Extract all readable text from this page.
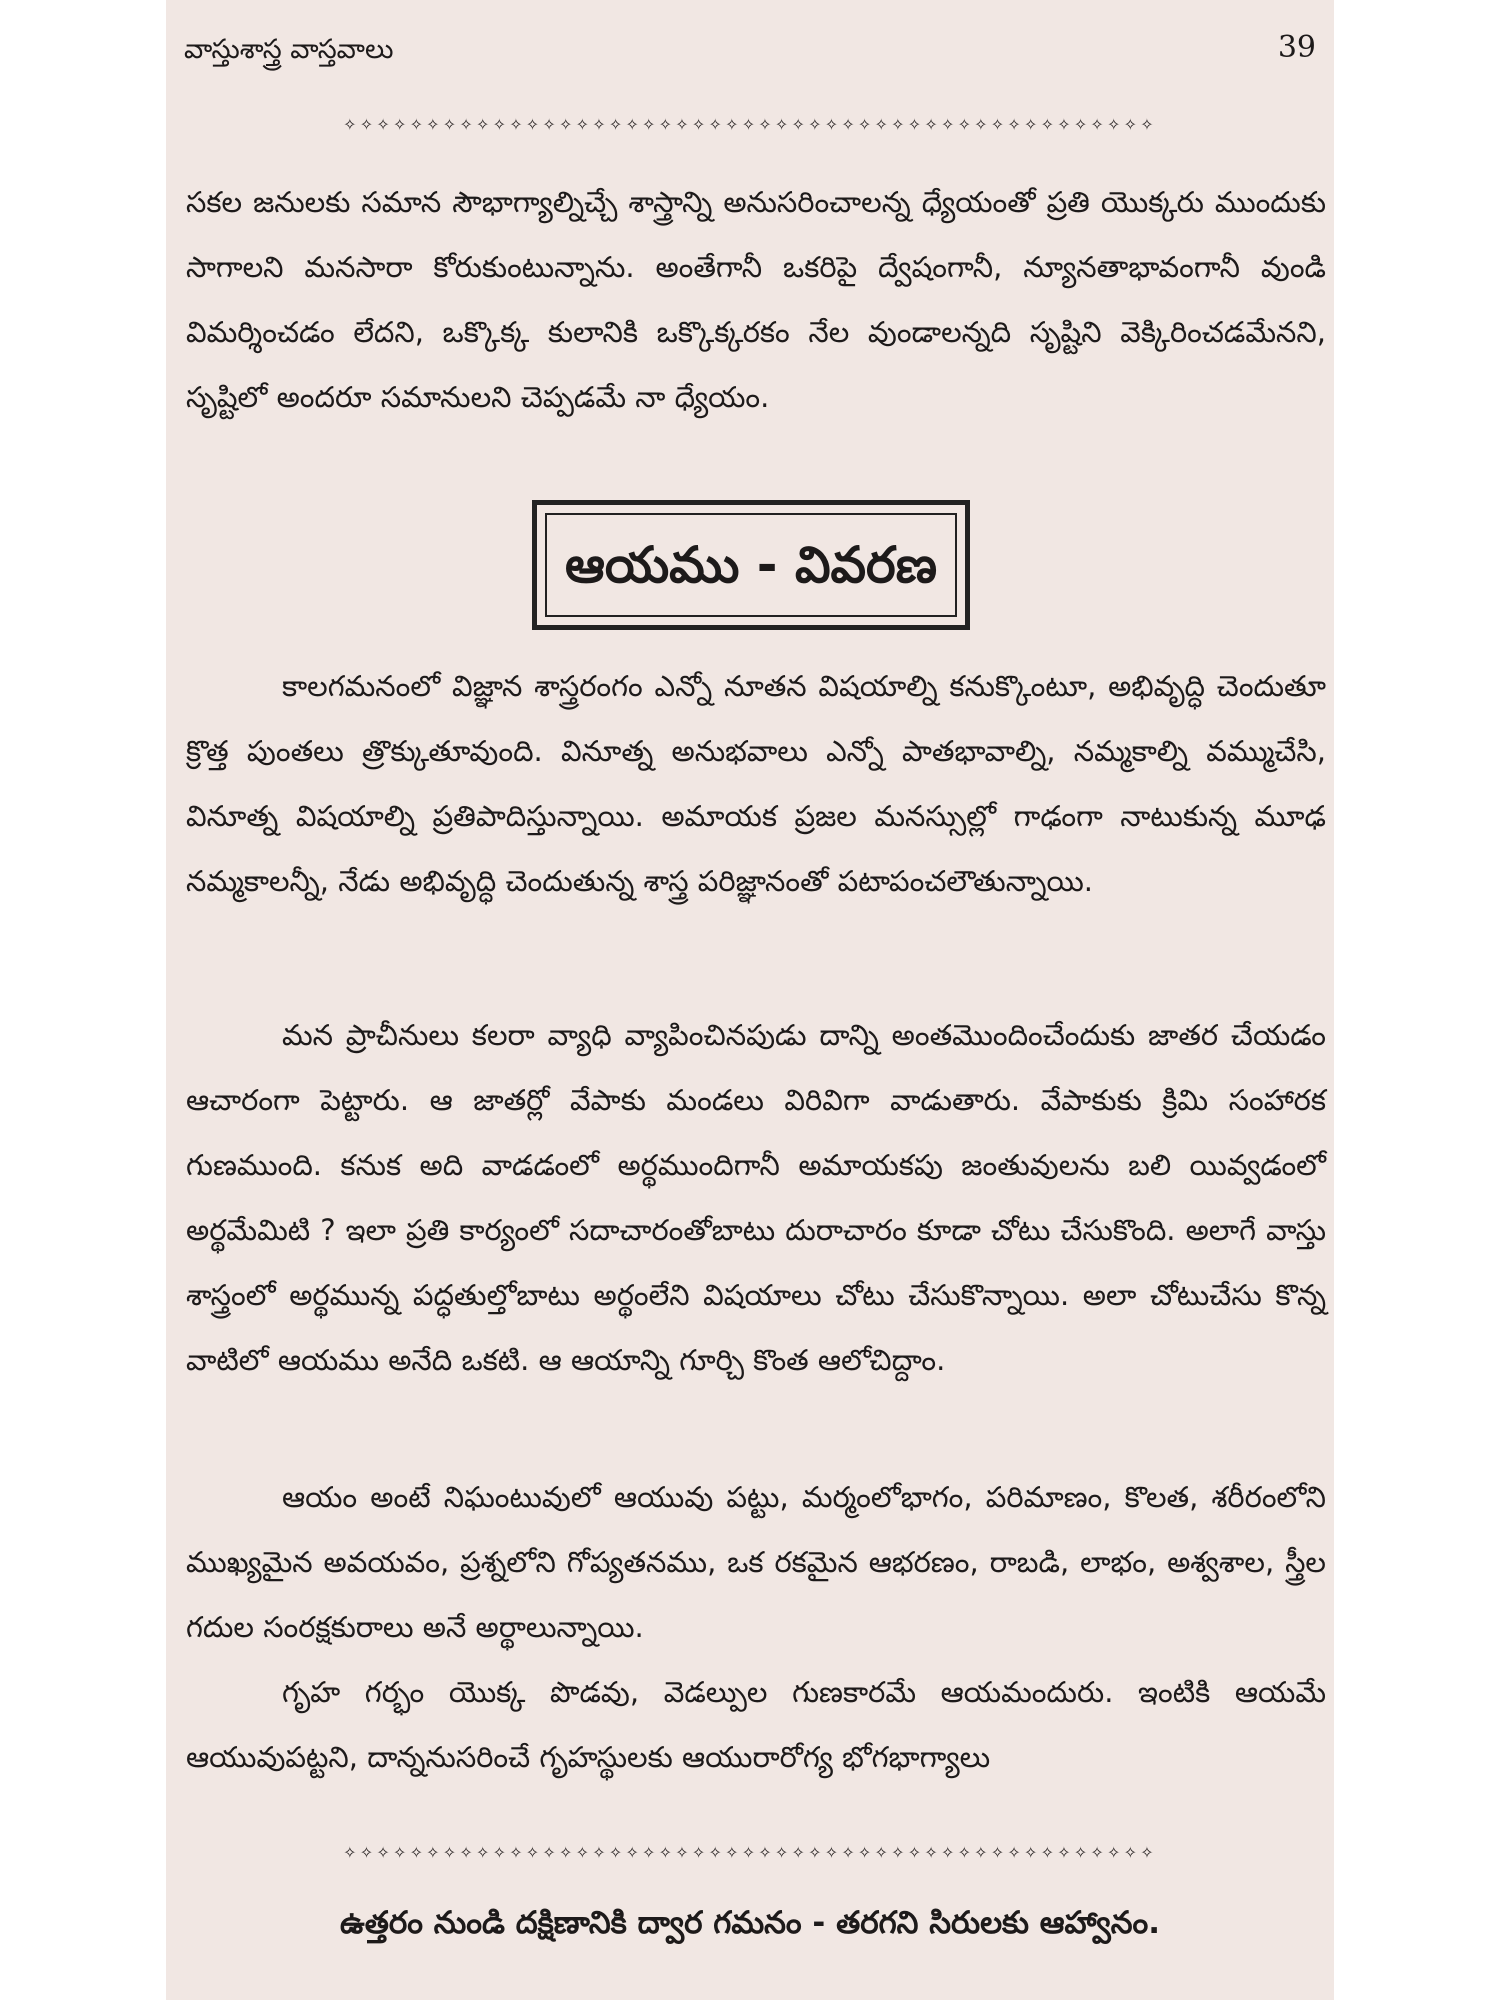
వాస్తుశాస్త్ర వాస్తవాలు	39
✧✧✧✧✧✧✧✧✧✧✧✧✧✧✧✧✧✧✧✧✧✧✧✧✧✧✧✧✧✧✧✧✧✧✧✧✧✧✧✧✧✧✧✧✧✧✧✧✧

సకల జనులకు సమాన సౌభాగ్యాల్నిచ్చే శాస్త్రాన్ని అనుసరించాలన్న ధ్యేయంతో ప్రతి యొక్కరు ముందుకు సాగాలని మనసారా కోరుకుంటున్నాను. అంతేగానీ ఒకరిపై ద్వేషంగానీ, న్యూనతాభావంగానీ వుండి విమర్శించడం లేదని, ఒక్కొక్క కులానికి ఒక్కొక్కరకం నేల వుండాలన్నది సృష్టిని వెక్కిరించడమేనని, సృష్టిలో అందరూ సమానులని చెప్పడమే నా ధ్యేయం.

ఆయము - వివరణ

కాలగమనంలో విజ్ఞాన శాస్త్రరంగం ఎన్నో నూతన విషయాల్ని కనుక్కొంటూ, అభివృద్ధి చెందుతూ క్రొత్త పుంతలు త్రొక్కుతూవుంది. వినూత్న అనుభవాలు ఎన్నో పాతభావాల్ని, నమ్మకాల్ని వమ్ముచేసి, వినూత్న విషయాల్ని ప్రతిపాదిస్తున్నాయి. అమాయక ప్రజల మనస్సుల్లో గాఢంగా నాటుకున్న మూఢ నమ్మకాలన్నీ, నేడు అభివృద్ధి చెందుతున్న శాస్త్ర పరిజ్ఞానంతో పటాపంచలౌతున్నాయి.

మన ప్రాచీనులు కలరా వ్యాధి వ్యాపించినపుడు దాన్ని అంతమొందించేందుకు జాతర చేయడం ఆచారంగా పెట్టారు. ఆ జాతర్లో వేపాకు మండలు విరివిగా వాడుతారు. వేపాకుకు క్రిమి సంహారక గుణముంది. కనుక అది వాడడంలో అర్థముందిగానీ అమాయకపు జంతువులను బలి యివ్వడంలో అర్థమేమిటి ? ఇలా ప్రతి కార్యంలో సదాచారంతోబాటు దురాచారం కూడా చోటు చేసుకొంది. అలాగే వాస్తు శాస్త్రంలో అర్థమున్న పద్ధతుల్తోబాటు అర్థంలేని విషయాలు చోటు చేసుకొన్నాయి. అలా చోటుచేసు కొన్న వాటిలో ఆయము అనేది ఒకటి. ఆ ఆయాన్ని గూర్చి కొంత ఆలోచిద్దాం.

ఆయం అంటే నిఘంటువులో ఆయువు పట్టు, మర్మంలోభాగం, పరిమాణం, కొలత, శరీరంలోని ముఖ్యమైన అవయవం, ప్రశ్నలోని గోప్యతనము, ఒక రకమైన ఆభరణం, రాబడి, లాభం, అశ్వశాల, స్త్రీల గదుల సంరక్షకురాలు అనే అర్థాలున్నాయి.

గృహ గర్భం యొక్క పొడవు, వెడల్పుల గుణకారమే ఆయమందురు. ఇంటికి ఆయమే ఆయువుపట్టని, దాన్ననుసరించే గృహస్థులకు ఆయురారోగ్య భోగభాగ్యాలు

✧✧✧✧✧✧✧✧✧✧✧✧✧✧✧✧✧✧✧✧✧✧✧✧✧✧✧✧✧✧✧✧✧✧✧✧✧✧✧✧✧✧✧✧✧✧✧✧✧
ఉత్తరం నుండి దక్షిణానికి ద్వార గమనం - తరగని సిరులకు ఆహ్వానం.
